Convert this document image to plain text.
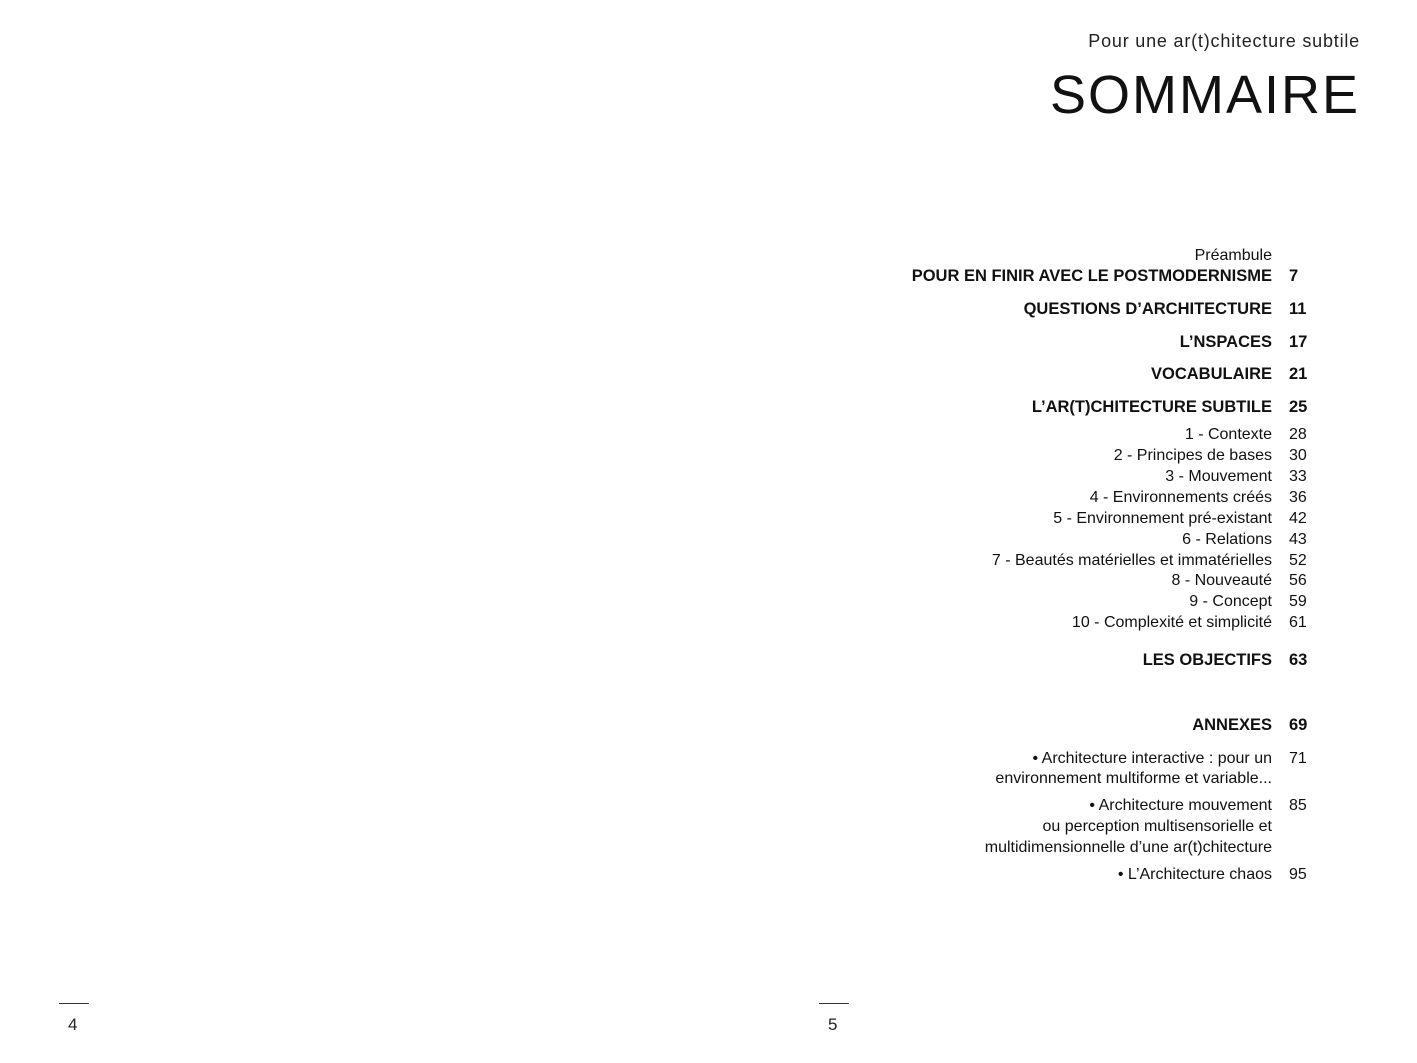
Pour une ar(t)chitecture subtile
SOMMAIRE
Préambule
POUR EN FINIR AVEC LE POSTMODERNISME 7
QUESTIONS D’ARCHITECTURE 11
L’NSPACES 17
VOCABULAIRE 21
L’AR(T)CHITECTURE SUBTILE 25
1 - Contexte 28
2 - Principes de bases 30
3 - Mouvement 33
4 - Environnements créés 36
5 - Environnement pré-existant 42
6 - Relations 43
7 - Beautés matérielles et immatérielles 52
8 - Nouveauté 56
9 - Concept 59
10 - Complexité et simplicité 61
LES OBJECTIFS 63
ANNEXES 69
• Architecture interactive : pour un 71
environnement multiforme et variable...
• Architecture mouvement 85
ou perception multisensorielle et
multidimensionnelle d’une ar(t)chitecture
• L’Architecture chaos 95
4	5
